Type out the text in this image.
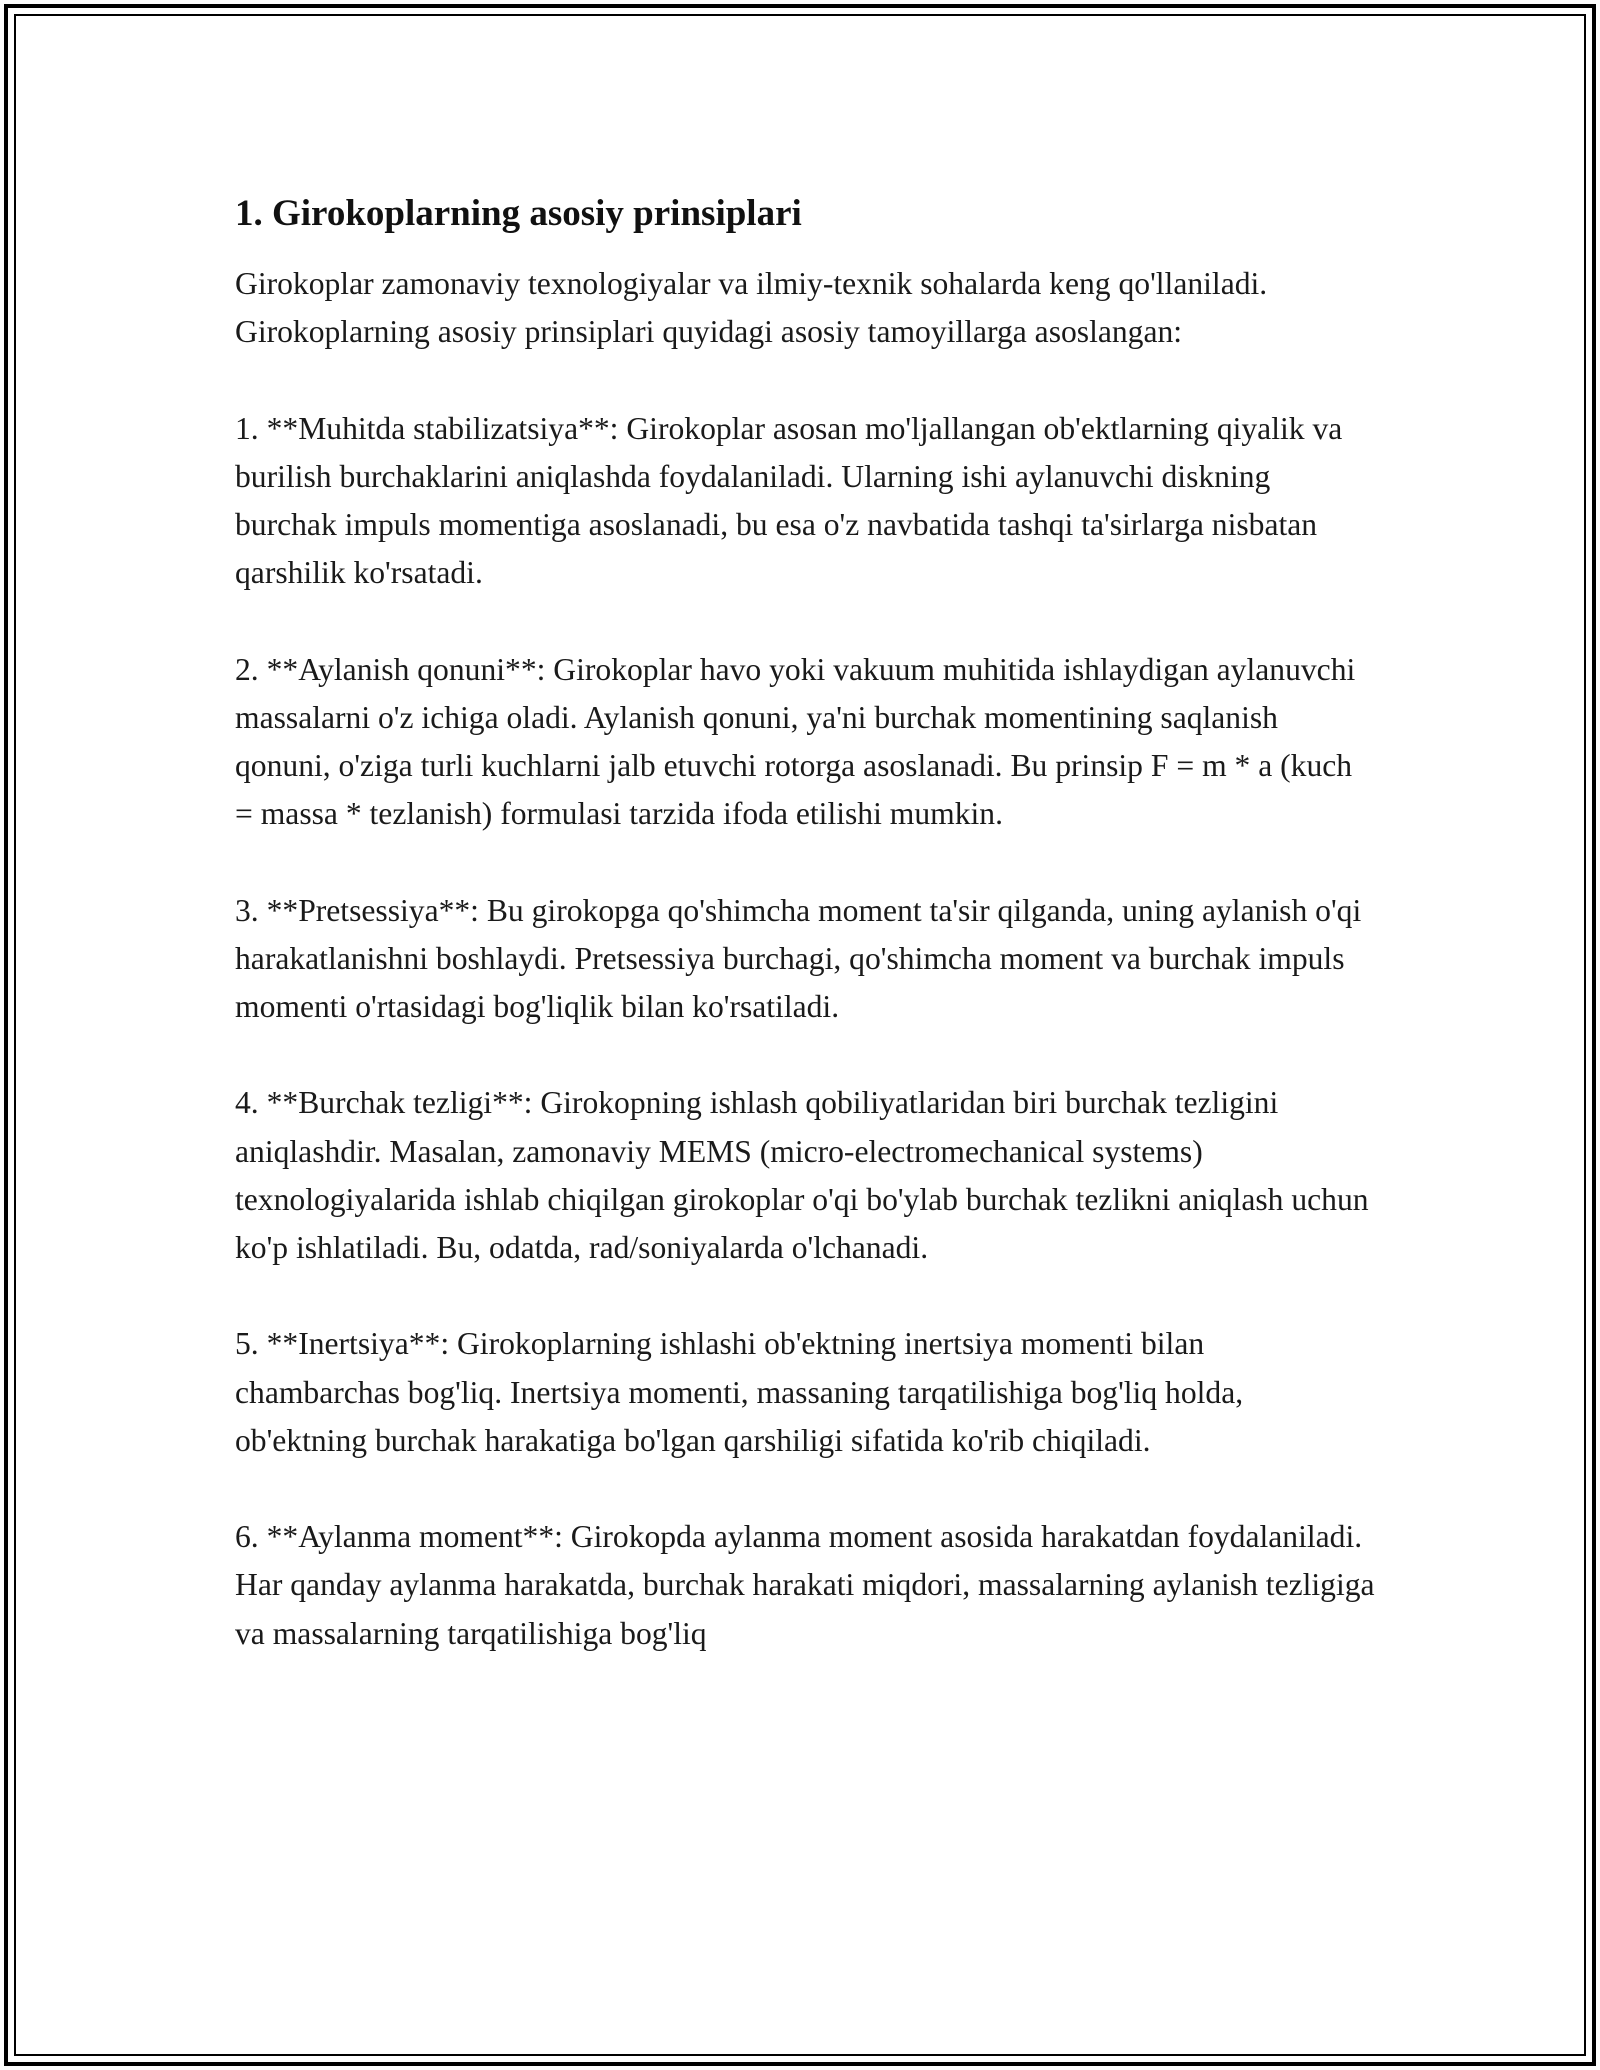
1. Girokoplarning asosiy prinsiplari

Girokoplar zamonaviy texnologiyalar va ilmiy-texnik sohalarda keng qo'llaniladi. Girokoplarning asosiy prinsiplari quyidagi asosiy tamoyillarga asoslangan:

1. **Muhitda stabilizatsiya**: Girokoplar asosan mo'ljallangan ob'ektlarning qiyalik va burilish burchaklarini aniqlashda foydalaniladi. Ularning ishi aylanuvchi diskning burchak impuls momentiga asoslanadi, bu esa o'z navbatida tashqi ta'sirlarga nisbatan qarshilik ko'rsatadi.

2. **Aylanish qonuni**: Girokoplar havo yoki vakuum muhitida ishlaydigan aylanuvchi massalarni o'z ichiga oladi. Aylanish qonuni, ya'ni burchak momentining saqlanish qonuni, o'ziga turli kuchlarni jalb etuvchi rotorga asoslanadi. Bu prinsip F = m * a (kuch = massa * tezlanish) formulasi tarzida ifoda etilishi mumkin.

3. **Pretsessiya**: Bu girokopga qo'shimcha moment ta'sir qilganda, uning aylanish o'qi harakatlanishni boshlaydi. Pretsessiya burchagi, qo'shimcha moment va burchak impuls momenti o'rtasidagi bog'liqlik bilan ko'rsatiladi.

4. **Burchak tezligi**: Girokopning ishlash qobiliyatlaridan biri burchak tezligini aniqlashdir. Masalan, zamonaviy MEMS (micro-electromechanical systems) texnologiyalarida ishlab chiqilgan girokoplar o'qi bo'ylab burchak tezlikni aniqlash uchun ko'p ishlatiladi. Bu, odatda, rad/soniyalarda o'lchanadi.

5. **Inertsiya**: Girokoplarning ishlashi ob'ektning inertsiya momenti bilan chambarchas bog'liq. Inertsiya momenti, massaning tarqatilishiga bog'liq holda, ob'ektning burchak harakatiga bo'lgan qarshiligi sifatida ko'rib chiqiladi.

6. **Aylanma moment**: Girokopda aylanma moment asosida harakatdan foydalaniladi. Har qanday aylanma harakatda, burchak harakati miqdori, massalarning aylanish tezligiga va massalarning tarqatilishiga bog'liq
